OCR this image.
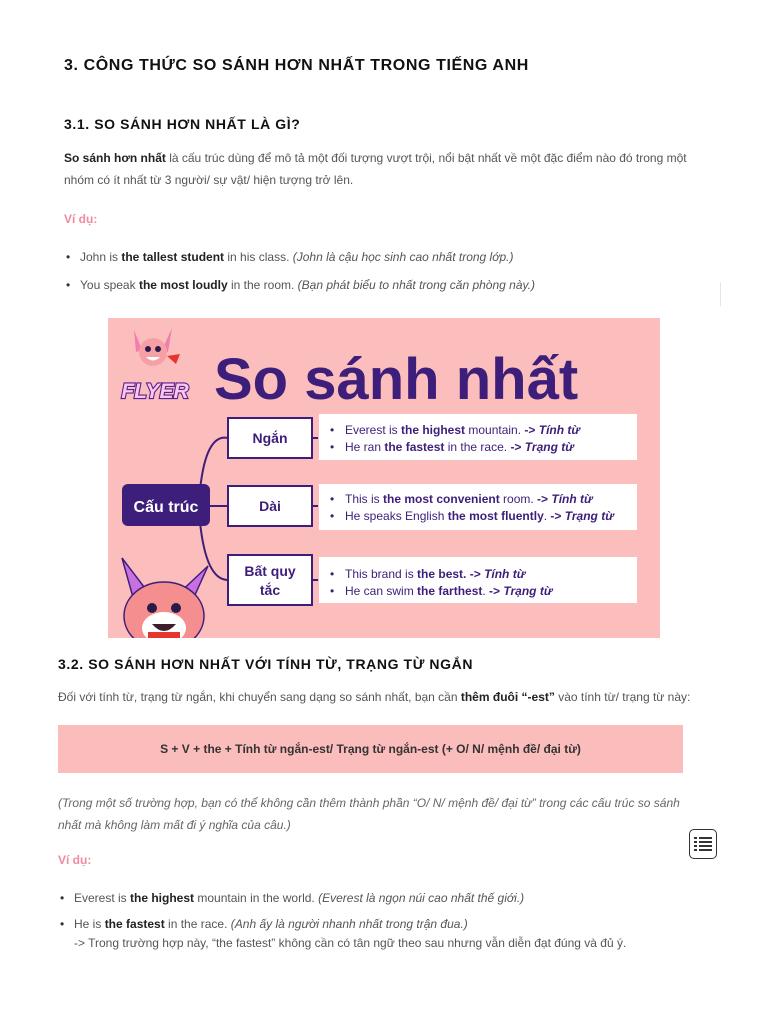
3. CÔNG THỨC SO SÁNH HƠN NHẤT TRONG TIẾNG ANH
3.1. SO SÁNH HƠN NHẤT LÀ GÌ?
So sánh hơn nhất là cấu trúc dùng để mô tả một đối tượng vượt trội, nổi bật nhất về một đặc điểm nào đó trong một
nhóm có ít nhất từ 3 người/ sự vật/ hiện tượng trở lên.
Ví dụ:
• John is the tallest student in his class. (John là cậu học sinh cao nhất trong lớp.)
• You speak the most loudly in the room. (Bạn phát biểu to nhất trong căn phòng này.)
FLYER So sánh nhất
Cấu trúc
Ngắn
Dài
Bất quy
tắc
• Everest is the highest mountain. -> Tính từ
• He ran the fastest in the race. -> Trạng từ
• This is the most convenient room. -> Tính từ
• He speaks English the most fluently. -> Trạng từ
• This brand is the best. -> Tính từ
• He can swim the farthest. -> Trạng từ
3.2. SO SÁNH HƠN NHẤT VỚI TÍNH TỪ, TRẠNG TỪ NGẮN
Đối với tính từ, trạng từ ngắn, khi chuyển sang dạng so sánh nhất, bạn cần thêm đuôi “-est” vào tính từ/ trạng từ này:
S + V + the + Tính từ ngắn-est/ Trạng từ ngắn-est (+ O/ N/ mệnh đề/ đại từ)
(Trong một số trường hợp, bạn có thể không cần thêm thành phần “O/ N/ mệnh đề/ đại từ” trong các cấu trúc so sánh
nhất mà không làm mất đi ý nghĩa của câu.)
Ví dụ:
• Everest is the highest mountain in the world. (Everest là ngọn núi cao nhất thế giới.)
• He is the fastest in the race. (Anh ấy là người nhanh nhất trong trận đua.)
-> Trong trường hợp này, “the fastest” không cần có tân ngữ theo sau nhưng vẫn diễn đạt đúng và đủ ý.
